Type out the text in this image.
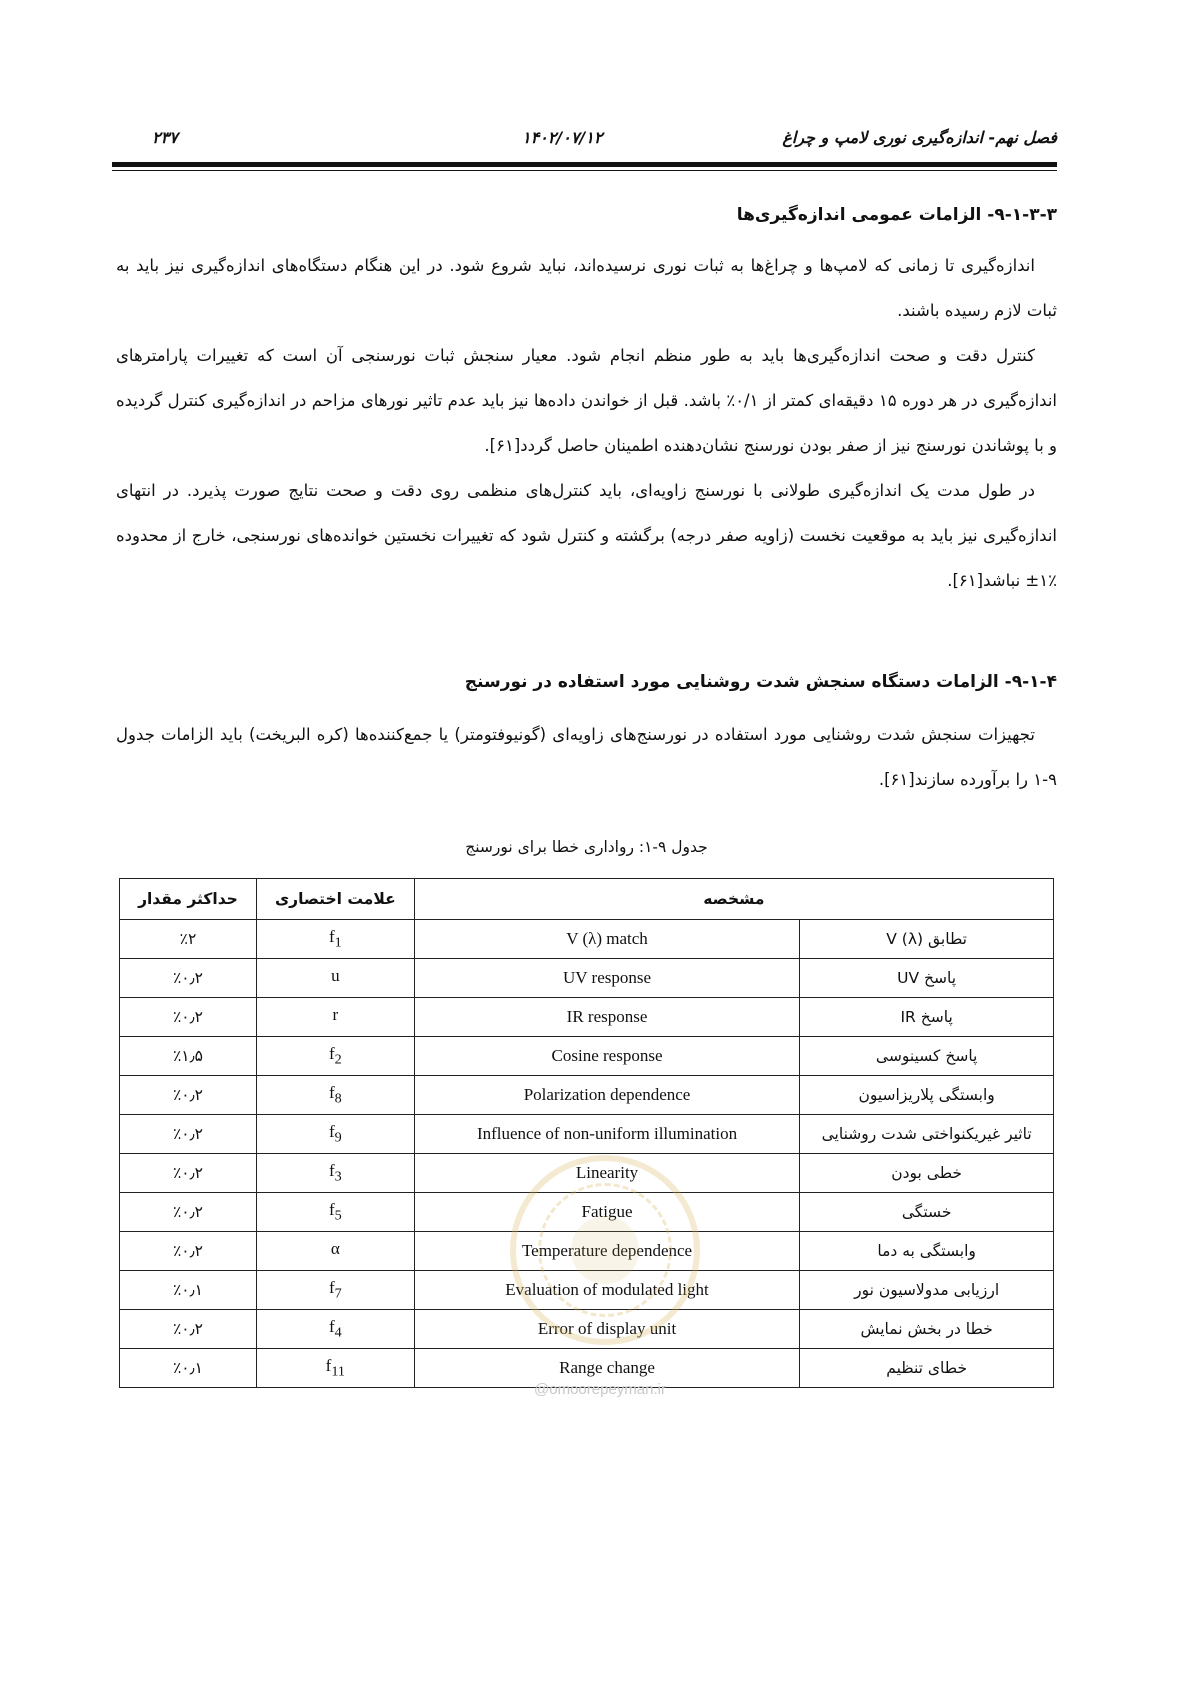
فصل نهم- اندازه‌گیری نوری لامپ و چراغ
۱۴۰۲/۰۷/۱۲
۲۳۷
۹-۱-۳-۳- الزامات عمومی اندازه‌گیری‌ها

اندازه‌گیری تا زمانی که لامپ‌ها و چراغ‌ها به ثبات نوری نرسیده‌اند، نباید شروع شود. در این هنگام دستگاه‌های اندازه‌گیری نیز باید به ثبات لازم رسیده باشند.

کنترل دقت و صحت اندازه‌گیری‌ها باید به طور منظم انجام شود. معیار سنجش ثبات نورسنجی آن است که تغییرات پارامترهای اندازه‌گیری در هر دوره ۱۵ دقیقه‌ای کمتر از ۰/۱٪ باشد. قبل از خواندن داده‌ها نیز باید عدم تاثیر نورهای مزاحم در اندازه‌گیری کنترل گردیده و با پوشاندن نورسنج نیز از صفر بودن نورسنج نشان‌دهنده اطمینان حاصل گردد[۶۱].

در طول مدت یک اندازه‌گیری طولانی با نورسنج زاویه‌ای، باید کنترل‌های منظمی روی دقت و صحت نتایج صورت پذیرد. در انتهای اندازه‌گیری نیز باید به موقعیت نخست (زاویه صفر درجه) برگشته و کنترل شود که تغییرات نخستین خوانده‌های نورسنجی، خارج از محدوده ٪۱± نباشد[۶۱].

۹-۱-۴- الزامات دستگاه سنجش شدت روشنایی مورد استفاده در نورسنج

تجهیزات سنجش شدت روشنایی مورد استفاده در نورسنج‌های زاویه‌ای (گونیوفتومتر) یا جمع‌کننده‌ها (کره البریخت) باید الزامات جدول ۹-۱ را برآورده سازند[۶۱].

جدول ۹-۱: رواداری خطا برای نورسنج
مشخصه		علامت اختصاری	حداکثر مقدار
تطابق V (λ)	V (λ) match	$f_1$	٪۲
پاسخ UV	UV response	u	٪۰٫۲
پاسخ IR	IR response	r	٪۰٫۲
پاسخ کسینوسی	Cosine response	$f_2$	٪۱٫۵
وابستگی پلاریزاسیون	Polarization dependence	$f_8$	٪۰٫۲
تاثیر غیریکنواختی شدت روشنایی	Influence of non-uniform illumination	$f_9$	٪۰٫۲
خطی بودن	Linearity	$f_3$	٪۰٫۲
خستگی	Fatigue	$f_5$	٪۰٫۲
وابستگی به دما	Temperature dependence	α	٪۰٫۲
ارزیابی مدولاسیون نور	Evaluation of modulated light	$f_7$	٪۰٫۱
خطا در بخش نمایش	Error of display unit	$f_4$	٪۰٫۲
خطای تنظیم	Range change	$f_{11}$	٪۰٫۱
@omoorepeyman.ir
